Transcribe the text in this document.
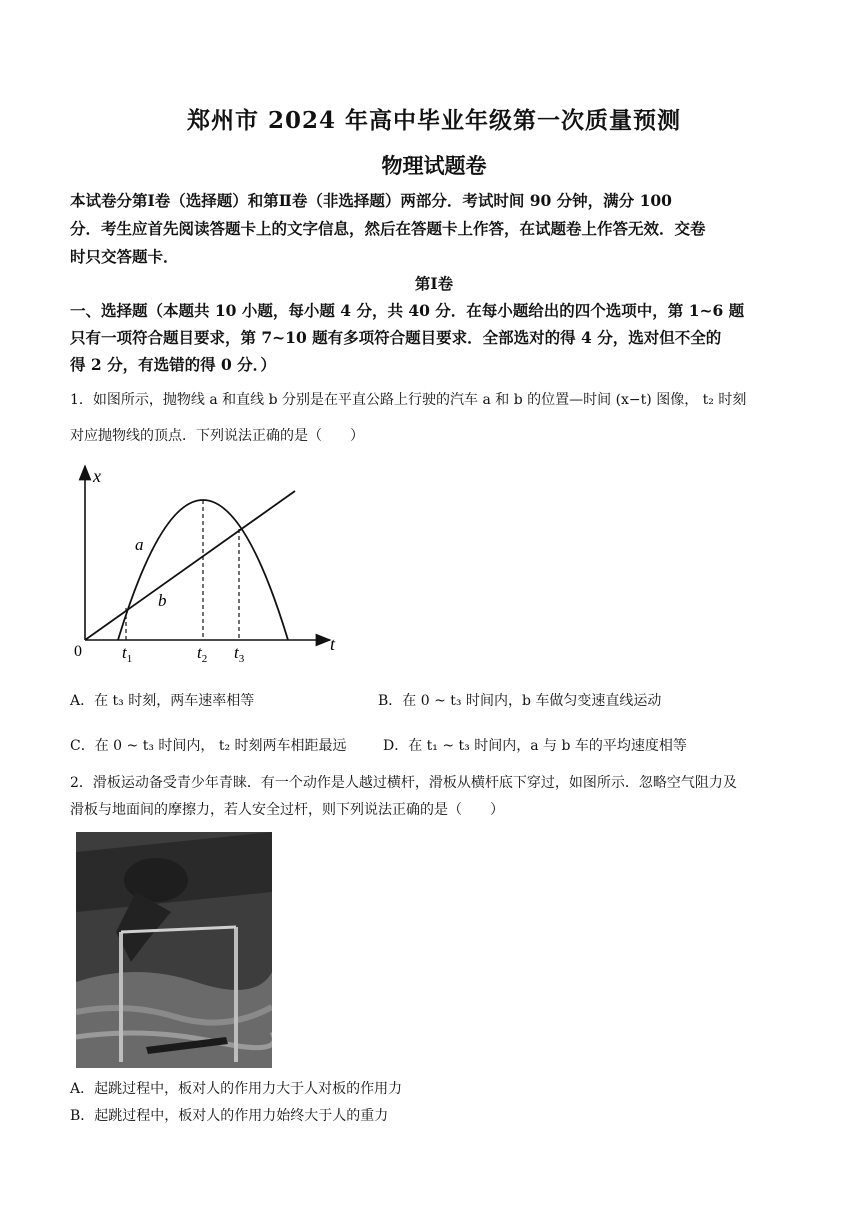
郑州市 2024 年高中毕业年级第一次质量预测
物理试题卷
本试卷分第Ⅰ卷（选择题）和第Ⅱ卷（非选择题）两部分．考试时间 90 分钟，满分 100
分．考生应首先阅读答题卡上的文字信息，然后在答题卡上作答，在试题卷上作答无效．交卷
时只交答题卡．
第Ⅰ卷
一、选择题（本题共 10 小题，每小题 4 分，共 40 分．在每小题给出的四个选项中，第 1~6 题
只有一项符合题目要求，第 7~10 题有多项符合题目要求．全部选对的得 4 分，选对但不全的
得 2 分，有选错的得 0 分．）
1．如图所示，抛物线 a 和直线 b 分别是在平直公路上行驶的汽车 a 和 b 的位置—时间 (x−t) 图像， t₂ 时刻
对应抛物线的顶点．下列说法正确的是（　　）
x
t
0
a
b
$t_1$	$t_2$ $t_3$
A．在 t₃ 时刻，两车速率相等	B．在 0 ~ t₃ 时间内，b 车做匀变速直线运动
C．在 0 ~ t₃ 时间内， t₂ 时刻两车相距最远	D．在 t₁ ~ t₃ 时间内，a 与 b 车的平均速度相等
2．滑板运动备受青少年青睐．有一个动作是人越过横杆，滑板从横杆底下穿过，如图所示．忽略空气阻力及
滑板与地面间的摩擦力，若人安全过杆，则下列说法正确的是（　　）
A．起跳过程中，板对人的作用力大于人对板的作用力
B．起跳过程中，板对人的作用力始终大于人的重力
